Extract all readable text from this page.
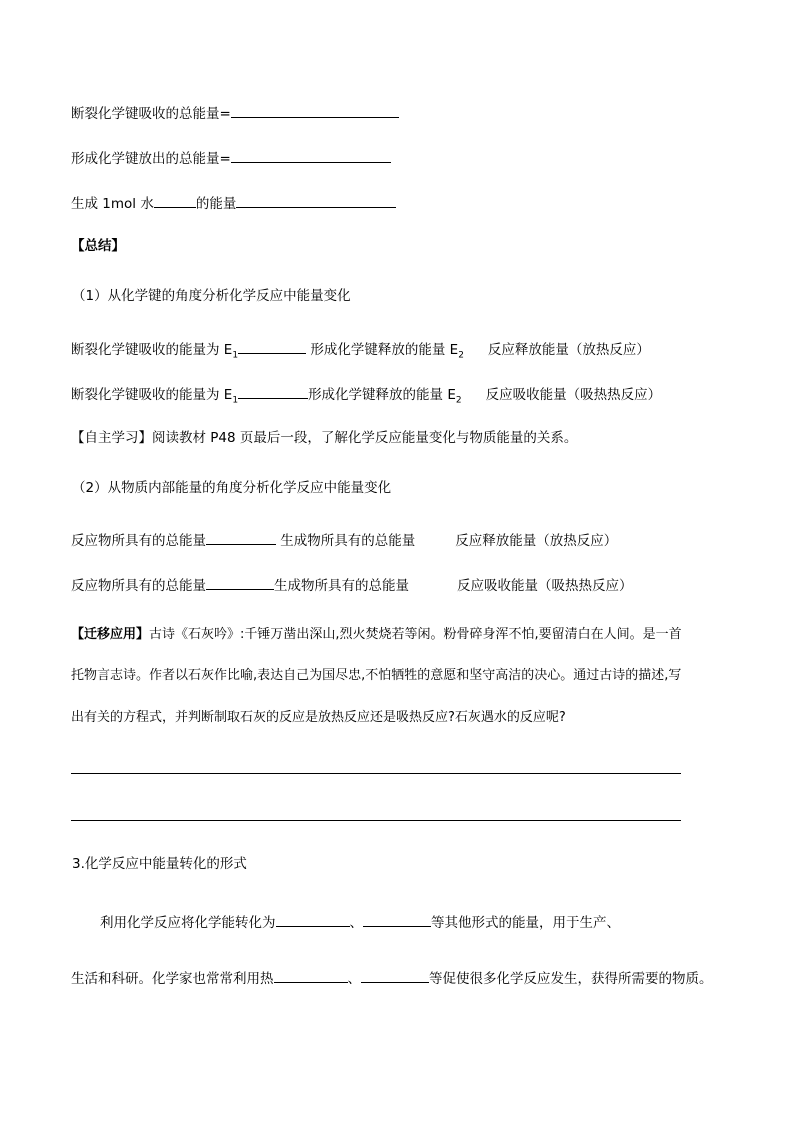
断裂化学键吸收的总能量=
形成化学键放出的总能量=
生成 1mol 水	的能量
【总结】
（1）从化学键的角度分析化学反应中能量变化
断裂化学键吸收的能量为 $E_1$	形成化学键释放的能量 $E_2$ 反应释放能量（放热反应）
断裂化学键吸收的能量为 $E_1$	形成化学键释放的能量 $E_2$ 反应吸收能量（吸热热反应）
【自主学习】阅读教材 P48 页最后一段，了解化学反应能量变化与物质能量的关系。
（2）从物质内部能量的角度分析化学反应中能量变化
反应物所具有的总能量	生成物所具有的总能量	反应释放能量（放热反应）
反应物所具有的总能量	生成物所具有的总能量	反应吸收能量（吸热热反应）
【迁移应用】古诗《石灰吟》:千锤万凿出深山,烈火焚烧若等闲。粉骨碎身浑不怕,要留清白在人间。是一首
托物言志诗。作者以石灰作比喻,表达自己为国尽忠,不怕牺牲的意愿和坚守高洁的决心。通过古诗的描述,写
出有关的方程式，并判断制取石灰的反应是放热反应还是吸热反应?石灰遇水的反应呢?
3.化学反应中能量转化的形式
利用化学反应将化学能转化为	、	等其他形式的能量，用于生产、
生活和科研。化学家也常常利用热	、	等促使很多化学反应发生，获得所需要的物质。
